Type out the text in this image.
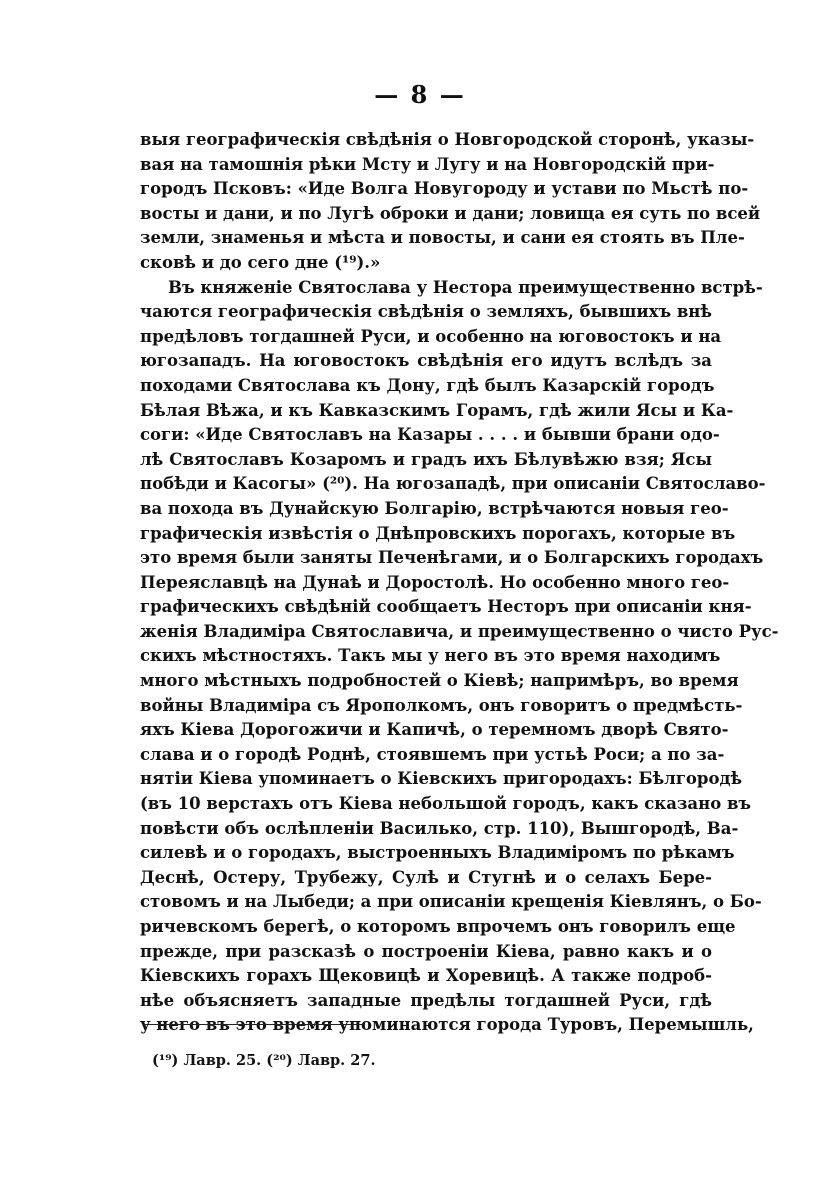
— 8 —
выя географическія свѣдѣнія о Новгородской сторонѣ, указы-
вая на тамошнія рѣки Мсту и Лугу и на Новгородскій при-
городъ Псковъ: «Иде Волга Новугороду и устави по Мьстѣ по-
восты и дани, и по Лугѣ оброки и дани; ловища ея суть по всей
земли, знаменья и мѣста и повосты, и сани ея стоять въ Пле-
сковѣ и до сего дне (¹⁹).»
Въ княженіе Святослава у Нестора преимущественно встрѣ-
чаются географическія свѣдѣнія о земляхъ, бывшихъ внѣ
предѣловъ тогдашней Руси, и особенно на юговостокъ и на
югозападъ. На юговостокъ свѣдѣнія его идутъ вслѣдъ за
походами Святослава къ Дону, гдѣ былъ Казарскій городъ
Бѣлая Вѣжа, и къ Кавказскимъ Горамъ, гдѣ жили Ясы и Ка-
соги: «Иде Святославъ на Казары . . . . и бывши брани одо-
лѣ Святославъ Козаромъ и градъ ихъ Бѣлувѣжю взя; Ясы
побѣди и Касогы» (²⁰). На югозападѣ, при описаніи Святославо-
ва похода въ Дунайскую Болгарію, встрѣчаются новыя гео-
графическія извѣстія о Днѣпровскихъ порогахъ, которые въ
это время были заняты Печенѣгами, и о Болгарскихъ городахъ
Переяславцѣ на Дунаѣ и Доростолѣ. Но особенно много гео-
графическихъ свѣдѣній сообщаетъ Несторъ при описаніи кня-
женія Владиміра Святославича, и преимущественно о чисто Рус-
скихъ мѣстностяхъ. Такъ мы у него въ это время находимъ
много мѣстныхъ подробностей о Кіевѣ; напримѣръ, во время
войны Владиміра съ Ярополкомъ, онъ говоритъ о предмѣсть-
яхъ Кіева Дорогожичи и Капичѣ, о теремномъ дворѣ Свято-
слава и о городѣ Роднѣ, стоявшемъ при устьѣ Роси; а по за-
нятіи Кіева упоминаетъ о Кіевскихъ пригородахъ: Бѣлгородѣ
(въ 10 верстахъ отъ Кіева небольшой городъ, какъ сказано въ
повѣсти объ ослѣпленіи Василько, стр. 110), Вышгородѣ, Ва-
силевѣ и о городахъ, выстроенныхъ Владиміромъ по рѣкамъ
Деснѣ, Остеру, Трубежу, Сулѣ и Стугнѣ и о селахъ Бере-
стовомъ и на Лыбеди; а при описаніи крещенія Кіевлянъ, о Бо-
ричевскомъ берегѣ, о которомъ впрочемъ онъ говорилъ еще
прежде, при разсказѣ о построеніи Кіева, равно какъ и о
Кіевскихъ горахъ Щековицѣ и Хоревицѣ. А также подроб-
нѣе объясняетъ западные предѣлы тогдашней Руси, гдѣ
у него въ это время упоминаются города Туровъ, Перемышль,
(¹⁹) Лавр. 25. (²⁰) Лавр. 27.
